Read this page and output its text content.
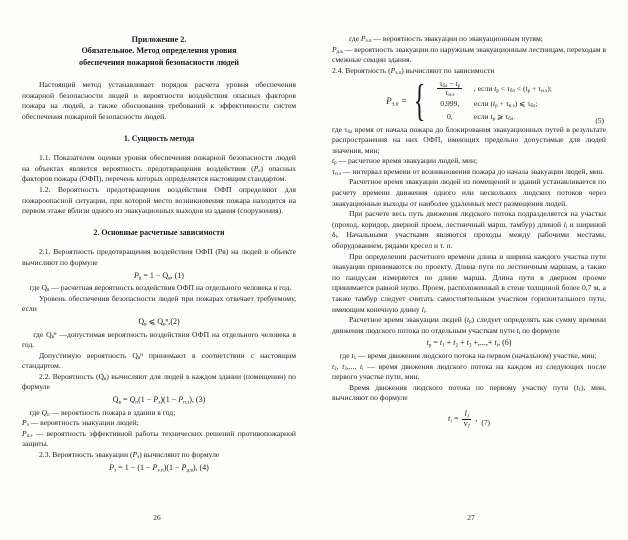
Приложение 2.
Обязательное. Метод определения уровня
обеспечения пожарной безопасности людей

Настоящий метод устанавливает порядок расчета уровня обеспечения пожарной безопасности людей и вероятности воздействия опасных факторов пожара на людей, а также обоснования требований к эффективности систем обеспечения пожарной безопасности людей.

1. Сущность метода

1.1. Показателем оценки уровня обеспечения пожарной безопасности людей на объектах является вероятность предотвращения воздействия $(P_в)$ опасных факторов пожара (ОФП), перечень которых определяется настоящим стандартом.

1.2. Вероятность предотвращения воздействия ОФП определяют для пожароопасной ситуации, при которой место возникновения пожара находится на первом этаже вблизи одного из эвакуационных выходов из здания (сооружения).

2. Основные расчетные зависимости

2.1. Вероятность предотвращения воздействия ОФП (Pв) на людей в объекте вычисляют по формуле

$P_в = 1 - Q_в$, (1)

где $Q_в$ — расчетная вероятность воздействия ОФП на отдельного человека в год.

Уровень обеспечения безопасности людей при пожарах отвечает требуемому, если

$Q_в$ ⩽ $Q_в^н,(2)$

где $Q_в^н$ —допустимая вероятность воздействия ОФП на отдельного человека в год.

Допустимую вероятность $Q_в^н$ принимают в соответствии с настоящим стандартом.

2.2. Вероятность $(Q_в)$ вычисляют для людей в каждом здании (помещении) по формуле

$Q_в = Q_п(1 - P_э)(1 - P_{п.з})$, (3)

где $Q_п$ — вероятность пожара в здании в год;

$P_э$ — вероятность эвакуации людей;

$P_{п.з}$ — вероятность эффективной работы технических решений противопожарной защиты.

2.3. Вероятность эвакуации $(P_э)$ вычисляют по формуле

$P_э = 1 - (1 - P_{э.п})(1 - P_{д.в})$, (4)
26

где $P_{э.п}$ — вероятность эвакуации по эвакуационным путям;

$P_{д.в}$ — вероятность эвакуации по наружным эвакуационным лестницам, переходам в смежные секции здания.

2.4. Вероятность $(P_{э.п})$ вычисляют по зависимости

$P_{э.п}$ = { $\frac{\tau_{бл} - t_р}{\tau_{н.э}}$	, если $t_р < \tau_{бл} < (t_р + \tau_{н.э})$;
0,999,	если $(t_р + \tau_{н.э})$ ⩽ $\tau_{бл}$;
0,	если $t_р$ ⩾ $\tau_{бл}$.	(5)

где $\tau_{бл}$ время от начала пожара до блокирования эвакуационных путей в результате распространения на них ОФП, имеющих предельно допустимые для людей значения, мин;

$t_р$ — расчетное время эвакуации людей, мин;

$\tau_{н.э}$ — интервал времени от возникновения пожара до начала эвакуации людей, мин.

Расчетное время эвакуации людей из помещений и зданий устанавливается по расчету времени движения одного или нескольких людских потоков через эвакуационные выходы от наиболее удаленных мест размещения людей.

При расчете весь путь движения людского потока подразделяется на участки (проход, коридор, дверной проем, лестничный марш, тамбур) длиной $l_i$ и шириной $\delta_i$. Начальными участками являются проходы между рабочими местами, оборудованием, рядами кресел и т. п.

При определении расчетного времени длина и ширина каждого участка пути эвакуации принимаются по проекту. Длина пути по лестничным маршам, а также по пандусам измеряется по длине марша. Длина пути в дверном проеме принимается равной нулю. Проем, расположенный в стене толщиной более 0,7 м, а также тамбур следует считать самостоятельным участком горизонтального пути, имеющим конечную длину $l_i$.

Расчетное время эвакуации людей $(t_р)$ следует определять как сумму времени движения людского потока по отдельным участкам пути $t_i$ по формуле

$t_р = t_1 + t_2 + t_3$ +,...,+ $t_i$, (6)

где $t_1$ — время движения людского потока на первом (начальном) участке, мин;

$t_2$, $t_3$,..., $t_i$ — время движения людского потока на каждом из следующих после первого участке пути, мин.

Время движения людского потока по первому участку пути $(t_1)$, мин, вычисляют по формуле

$t_i = \frac{l_1}{v_1}$ , (7)
27
